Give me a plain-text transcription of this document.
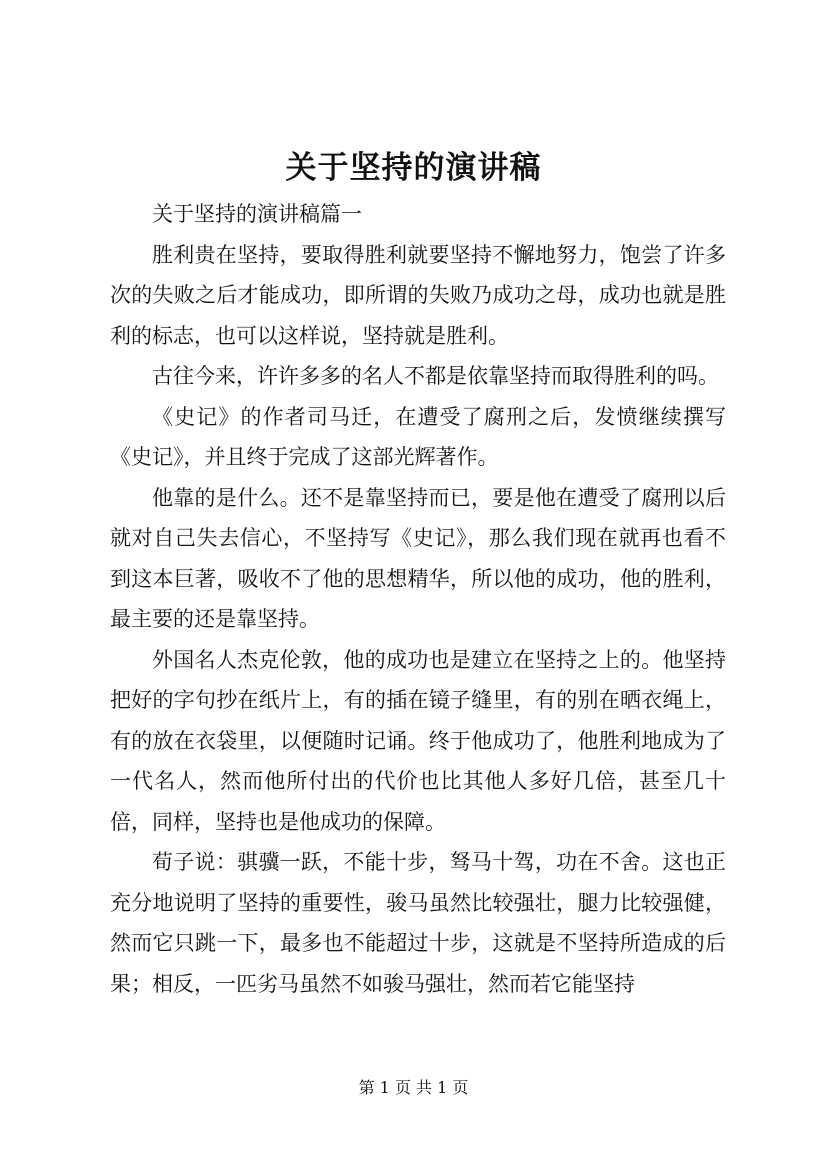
关于坚持的演讲稿

关于坚持的演讲稿篇一

胜利贵在坚持，要取得胜利就要坚持不懈地努力，饱尝了许多次的失败之后才能成功，即所谓的失败乃成功之母，成功也就是胜利的标志，也可以这样说，坚持就是胜利。

古往今来，许许多多的名人不都是依靠坚持而取得胜利的吗。

《史记》的作者司马迁，在遭受了腐刑之后，发愤继续撰写《史记》，并且终于完成了这部光辉著作。

他靠的是什么。还不是靠坚持而已，要是他在遭受了腐刑以后就对自己失去信心，不坚持写《史记》，那么我们现在就再也看不到这本巨著，吸收不了他的思想精华，所以他的成功，他的胜利，最主要的还是靠坚持。

外国名人杰克伦敦，他的成功也是建立在坚持之上的。他坚持把好的字句抄在纸片上，有的插在镜子缝里，有的别在晒衣绳上，有的放在衣袋里，以便随时记诵。终于他成功了，他胜利地成为了一代名人，然而他所付出的代价也比其他人多好几倍，甚至几十倍，同样，坚持也是他成功的保障。

荀子说：骐骥一跃，不能十步，驽马十驾，功在不舍。这也正充分地说明了坚持的重要性，骏马虽然比较强壮，腿力比较强健，然而它只跳一下，最多也不能超过十步，这就是不坚持所造成的后果；相反，一匹劣马虽然不如骏马强壮，然而若它能坚持

第 1 页 共 1 页
